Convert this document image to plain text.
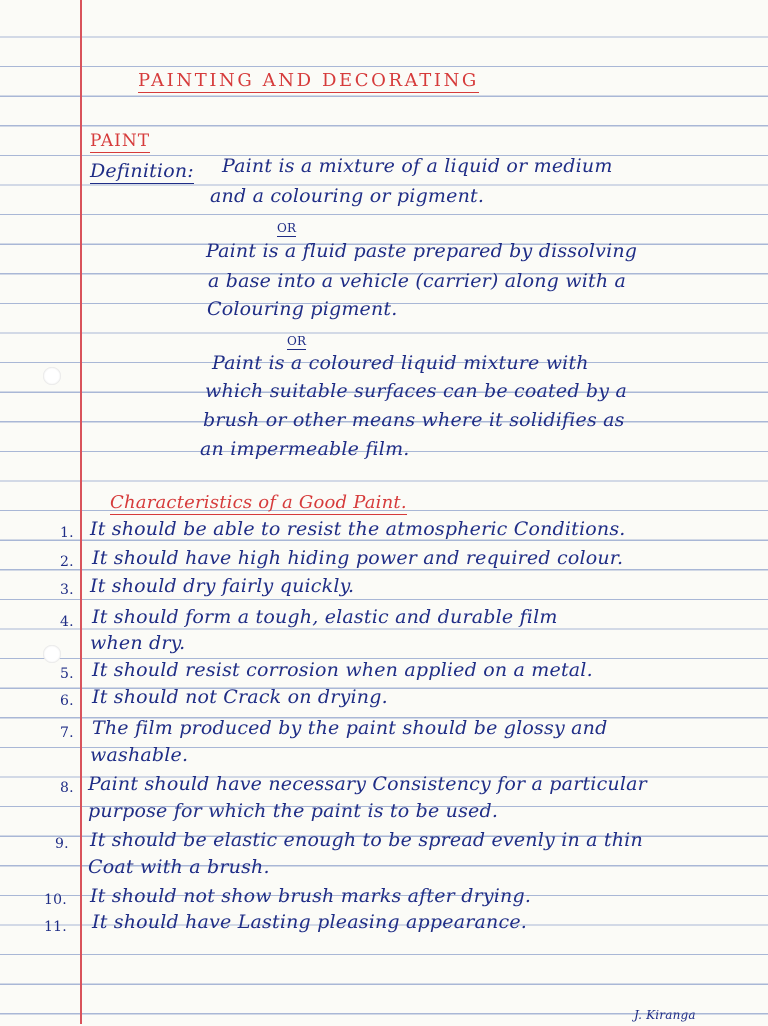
PAINTING AND DECORATING
PAINT
Definition: Paint is a mixture of a liquid or medium
and a colouring or pigment.
OR
Paint is a fluid paste prepared by dissolving
a base into a vehicle (carrier) along with a
Colouring pigment.
OR
Paint is a coloured liquid mixture with
which suitable surfaces can be coated by a
brush or other means where it solidifies as
an impermeable film.
Characteristics of a Good Paint.
1. It should be able to resist the atmospheric Conditions.
2. It should have high hiding power and required colour.
3. It should dry fairly quickly.
4. It should form a tough, elastic and durable film
when dry.
5. It should resist corrosion when applied on a metal.
6. It should not Crack on drying.
7. The film produced by the paint should be glossy and
washable.
8. Paint should have necessary Consistency for a particular
purpose for which the paint is to be used.
9. It should be elastic enough to be spread evenly in a thin
Coat with a brush.
10. It should not show brush marks after drying.
11. It should have Lasting pleasing appearance.
J. Kiranga
